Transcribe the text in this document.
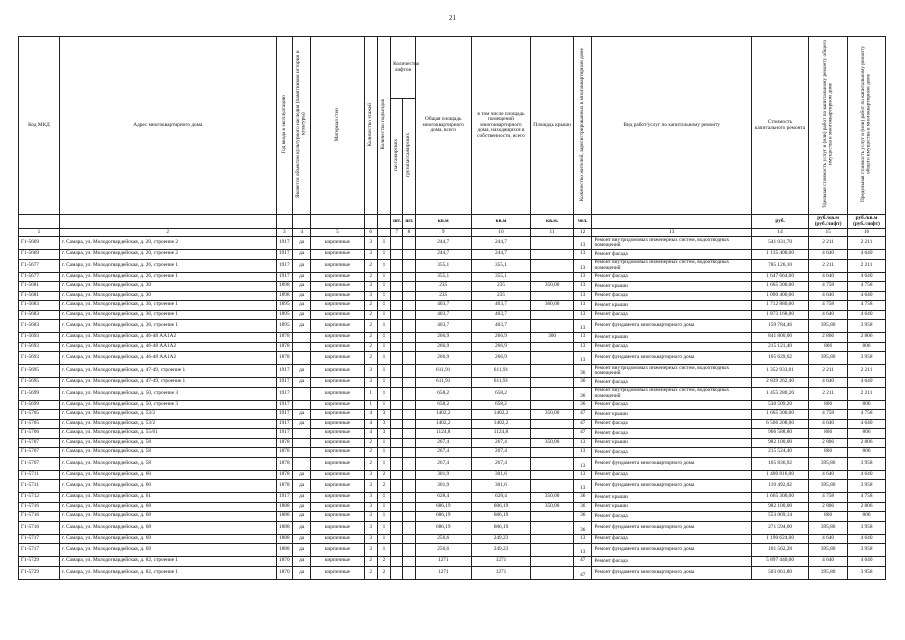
21
Код МКД	Адрес многоквартирного дома	Год ввода в эксплуатацию	Является объектом культурного наследия (памятником истории и культуры)	Материал стен	Количество этажей	Количество подъездов	Количество лифтов		Общая площадь многоквартирного дома, всего	в том числе площадь помещений многоквартирного дома, находящихся в собственности, всего	Площадь крыши	Количество жителей, зарегистрированных в многоквартирном доме	Вид работ/услуг по капитальному ремонту	Стоимость капитального ремонта	Удельная стоимость услуг и (или) работ по капитальному ремонту общего имущества в многоквартирном доме	Предельная стоимость услуг и (или) работ по капитальному ремонту общего имущества в многоквартирном доме
							пассажирских	грузопассажирских								
							шт.	шт.	кв.м	кв.м	кв.м.	чел.		руб.	руб./кв.м (руб./лифт)	руб./кв.м (руб./лифт)
1	2	3	4	5	6		7	8	9	10	11	12	13	14	15	16
Г1-5669	г. Самара, ул. Молодогвардейская, д. 20, строение 2	1917	да	кирпичные	3	1			244,7	244,7		13	Ремонт внутридомовых инженерных систем, водоотводных помещений	541 031,70	2 211	2 211
Г1-5669	г. Самара, ул. Молодогвардейская, д. 20, строение 2	1917	да	кирпичные	3	1			244,7	244,7		13	Ремонт фасада	1 135 408,00	4 640	4 640
Г1-5677	г. Самара, ул. Молодогвардейская, д. 26, строение 1	1917	да	кирпичные	2	1			355,1	355,1		13	Ремонт внутридомовых инженерных систем, водоотводных помещений	785 126,10	2 211	2 211
Г1-5677	г. Самара, ул. Молодогвардейская, д. 26, строение 1	1917	да	кирпичные	2	1			355,1	355,1		13	Ремонт фасада	1 647 664,00	4 640	4 640
Г1-5681	г. Самара, ул. Молодогвардейская, д. 30	1898	да	кирпичные	3	1			235	235	350,00	13	Ремонт крыши	1 665 300,00	4 758	4 758
Г1-5681	г. Самара, ул. Молодогвардейская, д. 30	1898	да	кирпичные	3	1			235	235		13	Ремонт фасада	1 090 400,00	4 640	4 640
Г1-5683	г. Самара, ул. Молодогвардейская, д. 36, строение 1	1895	да	кирпичные	2	1			403,7	403,7	360,00	13	Ремонт крыши	1 712 880,00	4 758	4 758
Г1-5683	г. Самара, ул. Молодогвардейская, д. 36, строение 1	1895	да	кирпичные	2	1			403,7	403,7		13	Ремонт фасада	1 873 168,00	4 640	4 640
Г1-5683	г. Самара, ул. Молодогвардейская, д. 36, строение 1	1895	да	кирпичные	2	1			403,7	403,7		13	Ремонт фундамента многоквартирного дома	159 784,46	395,80	3 958
Г1-5693	г. Самара, ул. Молодогвардейская, д. 46-48 АА1А2	1878		кирпичные	2	1			266,9	266,9	300	13	Ремонт крыши	841 800,00	2 806	2 806
Г1-5693	г. Самара, ул. Молодогвардейская, д. 46-48 АА1А2	1878		кирпичные	2	1			266,9	266,9		13	Ремонт фасада	215 121,40	806	806
Г1-5693	г. Самара, ул. Молодогвардейская, д. 46-48 АА1А2	1878		кирпичные	2	1			266,9	266,9		13	Ремонт фундамента многоквартирного дома	105 639,02	395,80	3 958
Г1-5695	г. Самара, ул. Молодогвардейская, д. 47-49, строение 1	1917	да	кирпичные	3	1			611,91	611,91		36	Ремонт внутридомовых инженерных систем, водоотводных помещений	1 352 933,01	2 211	2 211
Г1-5695	г. Самара, ул. Молодогвардейская, д. 47-49, строение 1	1917	да	кирпичные	3	1			611,91	611,91		36	Ремонт фасада	2 839 262,40	4 640	4 640
Г1-5699	г. Самара, ул. Молодогвардейская, д. 50, строение 3	1917		кирпичные	1	1			658,2	658,2		36	Ремонт внутридомовых инженерных систем, водоотводных помещений	1 455 280,20	2 211	2 211
Г1-5699	г. Самара, ул. Молодогвардейская, д. 50, строение 3	1917		кирпичные	1	1			658,2	658,2		36	Ремонт фасада	530 509,20	806	806
Г1-5705	г. Самара, ул. Молодогвардейская, д. 53/2	1917	да	кирпичные	4	3			1402,2	1402,2	350,00	47	Ремонт крыши	1 665 300,00	4 758	4 758
Г1-5705	г. Самара, ул. Молодогвардейская, д. 53/2	1917	да	кирпичные	4	3			1402,2	1402,2		47	Ремонт фасада	6 506 208,00	4 640	4 640
Г1-5706	г. Самара, ул. Молодогвардейская, д. 55/61	1917		кирпичные	4	3			1124,8	1124,8		47	Ремонт фасада	906 588,80	806	806
Г1-5707	г. Самара, ул. Молодогвардейская, д. 58	1878		кирпичные	2	1			267,4	267,4	350,00	13	Ремонт крыши	982 100,00	2 806	2 806
Г1-5707	г. Самара, ул. Молодогвардейская, д. 58	1878		кирпичные	2	1			267,4	267,4		13	Ремонт фасада	215 524,40	806	806
Г1-5707	г. Самара, ул. Молодогвардейская, д. 58	1878		кирпичные	2	1			267,4	267,4		13	Ремонт фундамента многоквартирного дома	105 836,92	395,80	3 958
Г1-5711	г. Самара, ул. Молодогвардейская, д. 60	1878	да	кирпичные	3	2			301,9	301,6		13	Ремонт фасада	1 400 816,00	4 640	4 640
Г1-5711	г. Самара, ул. Молодогвардейская, д. 60	1878	да	кирпичные	3	2			301,9	301,6		13	Ремонт фундамента многоквартирного дома	119 492,02	395,80	3 958
Г1-5712	г. Самара, ул. Молодогвардейская, д. 61	1917	да	кирпичные	3	1			628,4	628,4	350,00	36	Ремонт крыши	1 665 300,00	4 758	4 758
Г1-5716	г. Самара, ул. Молодогвардейская, д. 68	1888	да	кирпичные	3	1			686,19	686,19	350,00	36	Ремонт крыши	982 100,00	2 806	2 806
Г1-5716	г. Самара, ул. Молодогвардейская, д. 68	1888	да	кирпичные	3	1			686,19	686,19		36	Ремонт фасада	553 069,14	806	806
Г1-5716	г. Самара, ул. Молодогвардейская, д. 68	1888	да	кирпичные	3	1			686,19	686,19		36	Ремонт фундамента многоквартирного дома	271 594,00	395,80	3 958
Г1-5717	г. Самара, ул. Молодогвардейская, д. 69	1888	да	кирпичные	3	1			256,6	249,23		13	Ремонт фасада	1 190 624,00	4 640	4 640
Г1-5717	г. Самара, ул. Молодогвардейская, д. 69	1888	да	кирпичные	3	1			256,6	249,23		13	Ремонт фундамента многоквартирного дома	101 562,28	395,80	3 958
Г1-5729	г. Самара, ул. Молодогвардейская, д. 82, строение 1	1870	да	кирпичные	2	2			1271	1271		47	Ремонт фасада	5 897 440,00	4 640	4 640
Г1-5729	г. Самара, ул. Молодогвардейская, д. 82, строение 1	1870	да	кирпичные	2	2			1271	1271		47	Ремонт фундамента многоквартирного дома	503 061,80	395,80	3 958
